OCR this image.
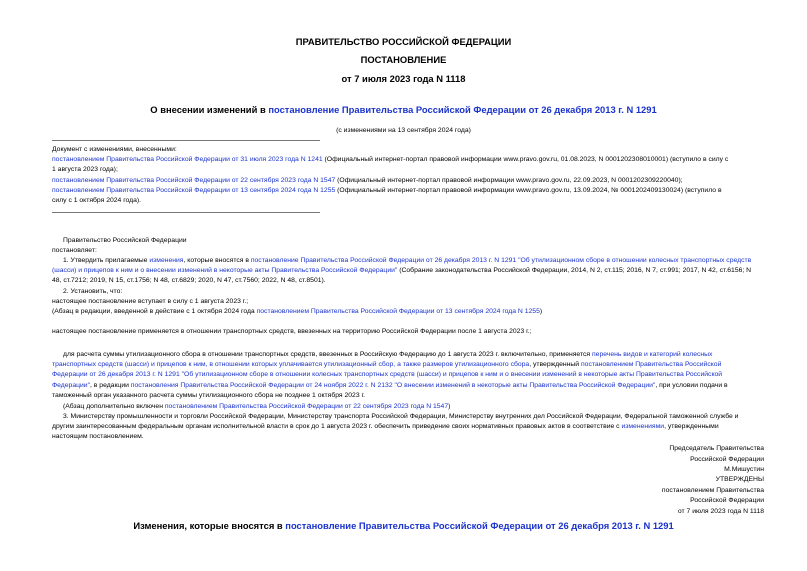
ПРАВИТЕЛЬСТВО РОССИЙСКОЙ ФЕДЕРАЦИИ
ПОСТАНОВЛЕНИЕ
от 7 июля 2023 года N 1118
О внесении изменений в постановление Правительства Российской Федерации от 26 декабря 2013 г. N 1291
(с изменениями на 13 сентября 2024 года)
Документ с изменениями, внесенными:
постановлением Правительства Российской Федерации от 31 июля 2023 года N 1241 (Официальный интернет-портал правовой информации www.pravo.gov.ru, 01.08.2023, N 0001202308010001) (вступило в силу с
1 августа 2023 года);
постановлением Правительства Российской Федерации от 22 сентября 2023 года N 1547 (Официальный интернет-портал правовой информации www.pravo.gov.ru, 22.09.2023, N 0001202309220040);
постановлением Правительства Российской Федерации от 13 сентября 2024 года N 1255 (Официальный интернет-портал правовой информации www.pravo.gov.ru, 13.09.2024, № 0001202409130024) (вступило в
силу с 1 октября 2024 года).
Правительство Российской Федерации
постановляет:
1. Утвердить прилагаемые изменения, которые вносятся в постановление Правительства Российской Федерации от 26 декабря 2013 г. N 1291 "Об утилизационном сборе в отношении колесных транспортных средств (шасси) и прицепов к ним и о внесении изменений в некоторые акты Правительства Российской Федерации" (Собрание законодательства Российской Федерации, 2014, N 2, ст.115; 2016, N 7, ст.991; 2017, N 42, ст.6156; N 48, ст.7212; 2019, N 15, ст.1756; N 48, ст.6829; 2020, N 47, ст.7560; 2022, N 48, ст.8501).
2. Установить, что:
настоящее постановление вступает в силу с 1 августа 2023 г.;
(Абзац в редакции, введенной в действие с 1 октября 2024 года постановлением Правительства Российской Федерации от 13 сентября 2024 года N 1255)
настоящее постановление применяется в отношении транспортных средств, ввезенных на территорию Российской Федерации после 1 августа 2023 г.;
для расчета суммы утилизационного сбора в отношении транспортных средств, ввезенных в Российскую Федерацию до 1 августа 2023 г. включительно, применяется перечень видов и категорий колесных транспортных средств (шасси) и прицепов к ним, в отношении которых уплачивается утилизационный сбор, а также размеров утилизационного сбора, утвержденный постановлением Правительства Российской Федерации от 26 декабря 2013 г. N 1291 "Об утилизационном сборе в отношении колесных транспортных средств (шасси) и прицепов к ним и о внесении изменений в некоторые акты Правительства Российской Федерации", в редакции постановления Правительства Российской Федерации от 24 ноября 2022 г. N 2132 "О внесении изменений в некоторые акты Правительства Российской Федерации", при условии подачи в таможенный орган указанного расчета суммы утилизационного сбора не позднее 1 октября 2023 г.
(Абзац дополнительно включен постановлением Правительства Российской Федерации от 22 сентября 2023 года N 1547)
3. Министерству промышленности и торговли Российской Федерации, Министерству транспорта Российской Федерации, Министерству внутренних дел Российской Федерации, Федеральной таможенной службе и другим заинтересованным федеральным органам исполнительной власти в срок до 1 августа 2023 г. обеспечить приведение своих нормативных правовых актов в соответствие с изменениями, утвержденными настоящим постановлением.
Председатель Правительства
Российской Федерации
М.Мишустин
УТВЕРЖДЕНЫ
постановлением Правительства
Российской Федерации
от 7 июля 2023 года N 1118
Изменения, которые вносятся в постановление Правительства Российской Федерации от 26 декабря 2013 г. N 1291
